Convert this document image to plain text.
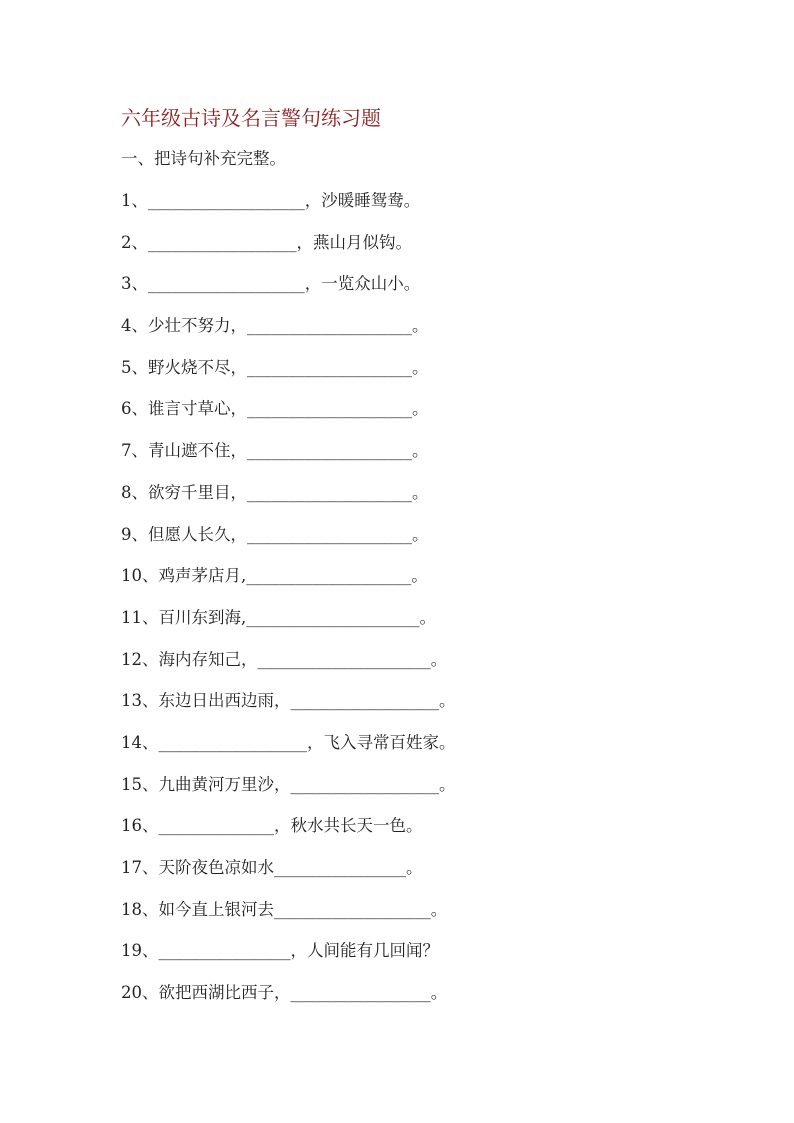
六年级古诗及名言警句练习题
一、把诗句补充完整。
1、___________________，沙暖睡鸳鸯。
2、__________________，燕山月似钩。
3、___________________，一览众山小。
4、少壮不努力，____________________。
5、野火烧不尽，____________________。
6、谁言寸草心，____________________。
7、青山遮不住，____________________。
8、欲穷千里目，____________________。
9、但愿人长久，____________________。
10、鸡声茅店月,____________________。
11、百川东到海,_____________________。
12、海内存知己，_____________________。
13、东边日出西边雨，__________________。
14、__________________，飞入寻常百姓家。
15、九曲黄河万里沙，__________________。
16、______________，秋水共长天一色。
17、天阶夜色凉如水________________。
18、如今直上银河去___________________。
19、________________，人间能有几回闻？
20、欲把西湖比西子，_________________。
